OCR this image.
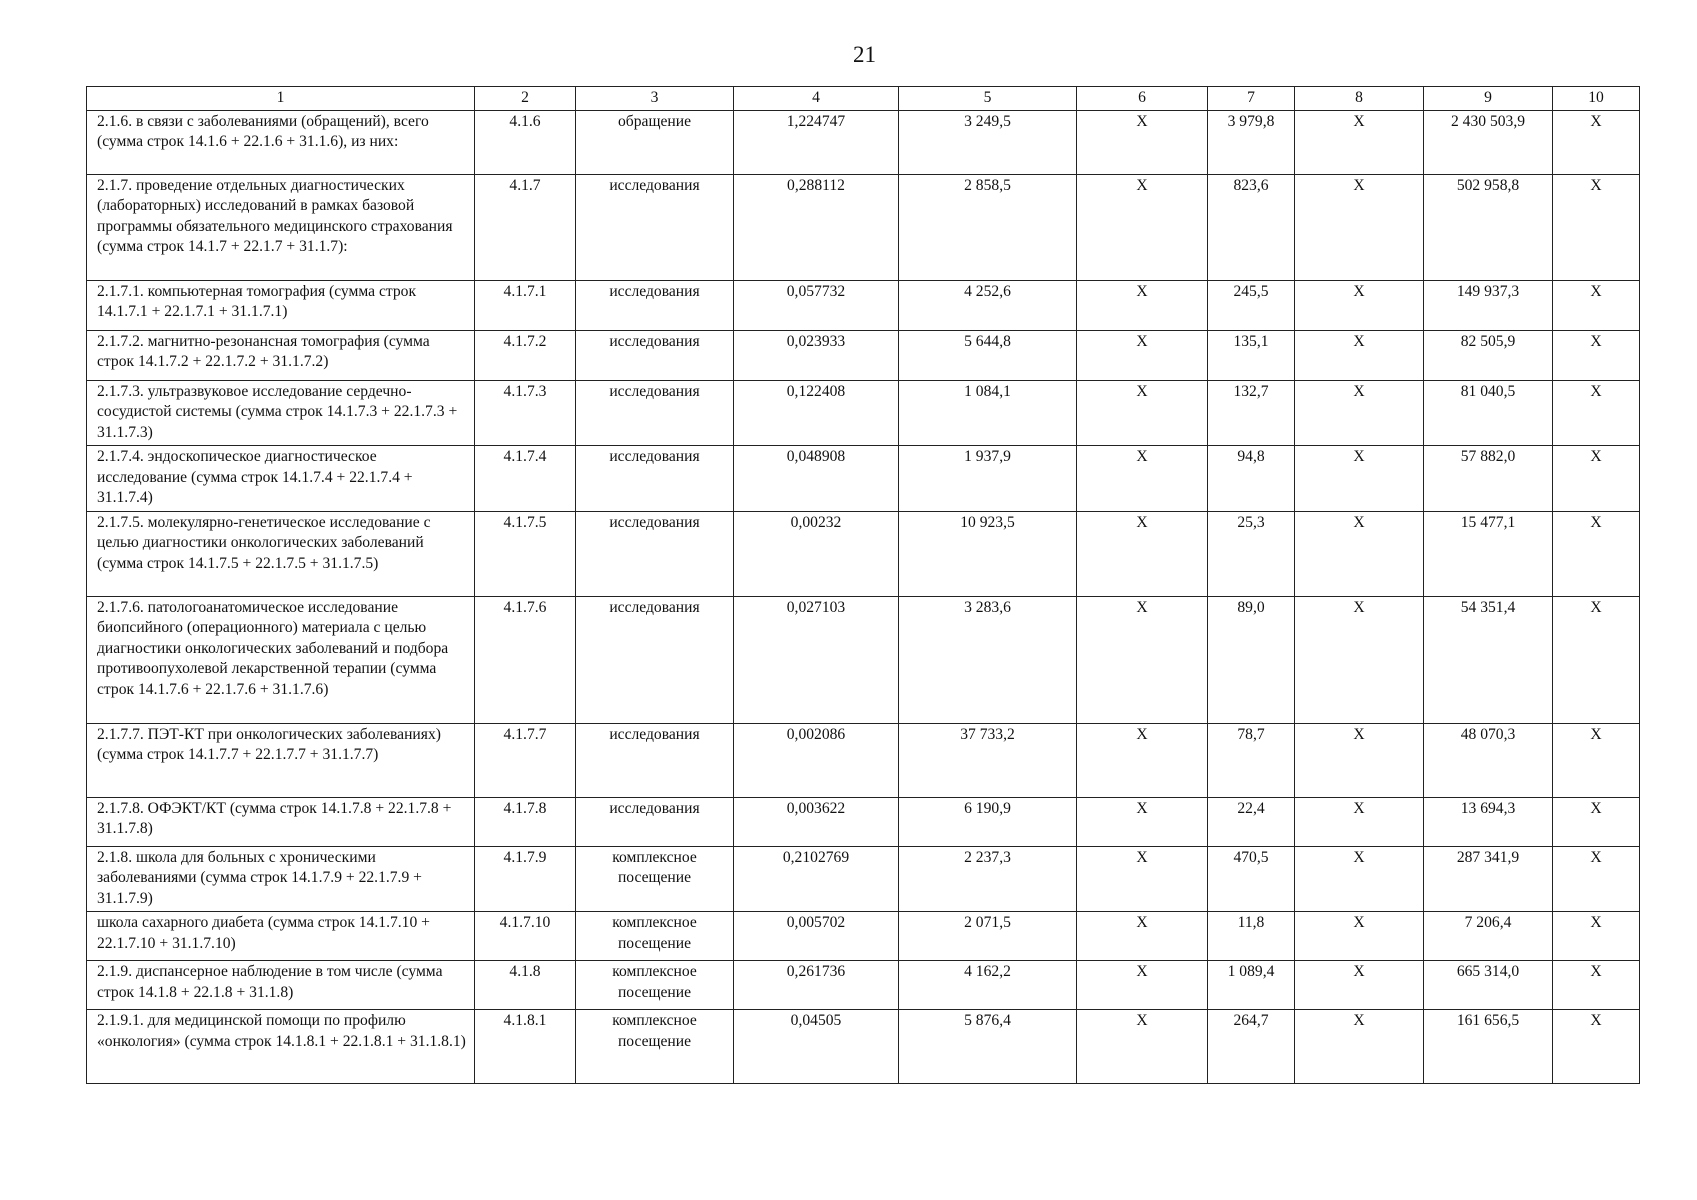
21
1	2	3	4	5	6	7	8	9	10
2.1.6. в связи с заболеваниями (обращений), всего (сумма строк 14.1.6 + 22.1.6 + 31.1.6), из них:	4.1.6	обращение	1,224747	3 249,5	Х	3 979,8	Х	2 430 503,9	Х
2.1.7. проведение отдельных диагностических (лабораторных) исследований в рамках базовой программы обязательного медицинского страхования (сумма строк 14.1.7 + 22.1.7 + 31.1.7):	4.1.7	исследования	0,288112	2 858,5	Х	823,6	Х	502 958,8	Х
2.1.7.1. компьютерная томография (сумма строк 14.1.7.1 + 22.1.7.1 + 31.1.7.1)	4.1.7.1	исследования	0,057732	4 252,6	Х	245,5	Х	149 937,3	Х
2.1.7.2. магнитно-резонансная томография (сумма строк 14.1.7.2 + 22.1.7.2 + 31.1.7.2)	4.1.7.2	исследования	0,023933	5 644,8	Х	135,1	Х	82 505,9	Х
2.1.7.3. ультразвуковое исследование сердечно-сосудистой системы (сумма строк 14.1.7.3 + 22.1.7.3 + 31.1.7.3)	4.1.7.3	исследования	0,122408	1 084,1	Х	132,7	Х	81 040,5	Х
2.1.7.4. эндоскопическое диагностическое исследование (сумма строк 14.1.7.4 + 22.1.7.4 + 31.1.7.4)	4.1.7.4	исследования	0,048908	1 937,9	Х	94,8	Х	57 882,0	Х
2.1.7.5. молекулярно-генетическое исследование с целью диагностики онкологических заболеваний (сумма строк 14.1.7.5 + 22.1.7.5 + 31.1.7.5)	4.1.7.5	исследования	0,00232	10 923,5	Х	25,3	Х	15 477,1	Х
2.1.7.6. патологоанатомическое исследование биопсийного (операционного) материала с целью диагностики онкологических заболеваний и подбора противоопухолевой лекарственной терапии (сумма строк 14.1.7.6 + 22.1.7.6 + 31.1.7.6)	4.1.7.6	исследования	0,027103	3 283,6	Х	89,0	Х	54 351,4	Х
2.1.7.7. ПЭТ-КТ при онкологических заболеваниях) (сумма строк 14.1.7.7 + 22.1.7.7 + 31.1.7.7)	4.1.7.7	исследования	0,002086	37 733,2	Х	78,7	Х	48 070,3	Х
2.1.7.8. ОФЭКТ/КТ (сумма строк 14.1.7.8 + 22.1.7.8 + 31.1.7.8)	4.1.7.8	исследования	0,003622	6 190,9	Х	22,4	Х	13 694,3	Х
2.1.8. школа для больных с хроническими заболеваниями (сумма строк 14.1.7.9 + 22.1.7.9 + 31.1.7.9)	4.1.7.9	комплексное посещение	0,2102769	2 237,3	Х	470,5	Х	287 341,9	Х
школа сахарного диабета (сумма строк 14.1.7.10 + 22.1.7.10 + 31.1.7.10)	4.1.7.10	комплексное посещение	0,005702	2 071,5	Х	11,8	Х	7 206,4	Х
2.1.9. диспансерное наблюдение в том числе (сумма строк 14.1.8 + 22.1.8 + 31.1.8)	4.1.8	комплексное посещение	0,261736	4 162,2	Х	1 089,4	Х	665 314,0	Х
2.1.9.1. для медицинской помощи по профилю «онкология» (сумма строк 14.1.8.1 + 22.1.8.1 + 31.1.8.1)	4.1.8.1	комплексное посещение	0,04505	5 876,4	Х	264,7	Х	161 656,5	Х
